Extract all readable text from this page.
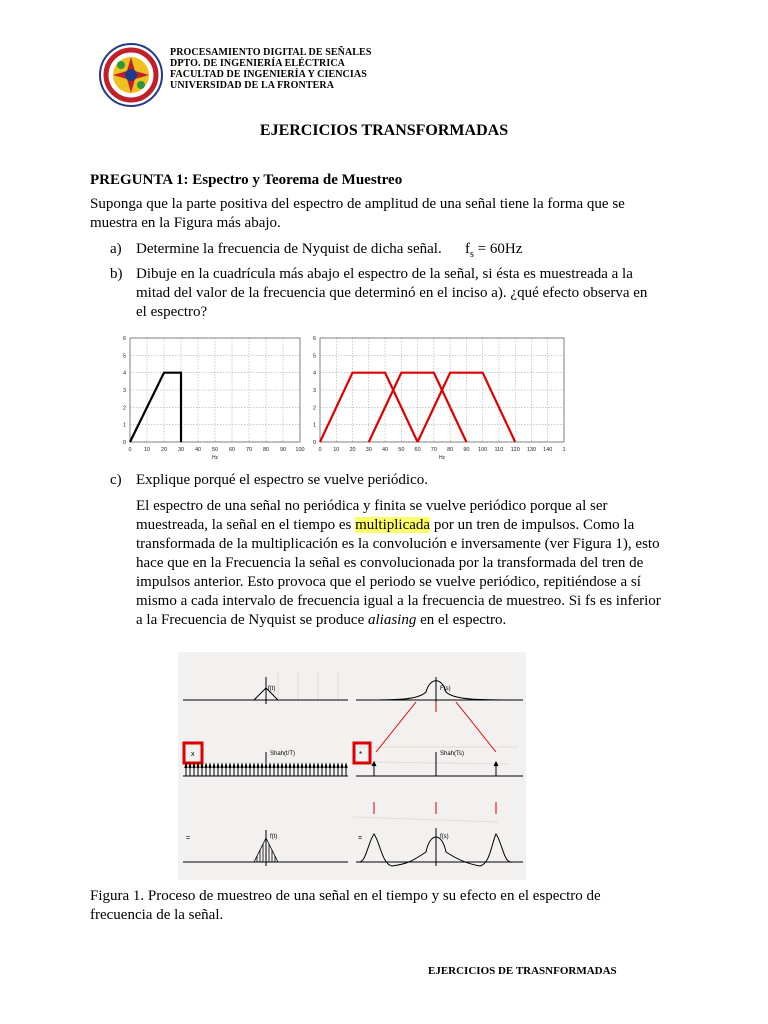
PROCESAMIENTO DIGITAL DE SEÑALES
DPTO. DE INGENIERÍA ELÉCTRICA
FACULTAD DE INGENIERÍA Y CIENCIAS
UNIVERSIDAD DE LA FRONTERA
EJERCICIOS TRANSFORMADAS
PREGUNTA 1: Espectro y Teorema de Muestreo
Suponga que la parte positiva del espectro de amplitud de una señal tiene la forma que se
muestra en la Figura más abajo.
a) Determine la frecuencia de Nyquist de dicha señal. $f_s = 60Hz$
b) Dibuje en la cuadrícula más abajo el espectro de la señal, si ésta es muestreada a la
mitad del valor de la frecuencia que determinó en el inciso a). ¿qué efecto observa en
el espectro?
0 10 20 30 40 50 60 70 80 90 100
0
1
2
3
4
5
6
Hz
0 10 20 30 40 50 60 70 80 90 100 110 120 130 140 1
0
1
2
3
4
5
6
Hz
c) Explique porqué el espectro se vuelve periódico.
El espectro de una señal no periódica y finita se vuelve periódico porque al ser
muestreada, la señal en el tiempo es multiplicada por un tren de impulsos. Como la
transformada de la multiplicación es la convolución e inversamente (ver Figura 1), esto
hace que en la Frecuencia la señal es convolucionada por la transformada del tren de
impulsos anterior. Esto provoca que el periodo se vuelve periódico, repitiéndose a sí
mismo a cada intervalo de frecuencia igual a la frecuencia de muestreo. Si fs es inferior
a la Frecuencia de Nyquist se produce aliasing en el espectro.
f(t)	F(s)
x	Shah(t/T)	*	Shah(Ts)
=	f(t)	=	f(s)
Figura 1. Proceso de muestreo de una señal en el tiempo y su efecto en el espectro de
frecuencia de la señal.
EJERCICIOS DE TRASNFORMADAS
